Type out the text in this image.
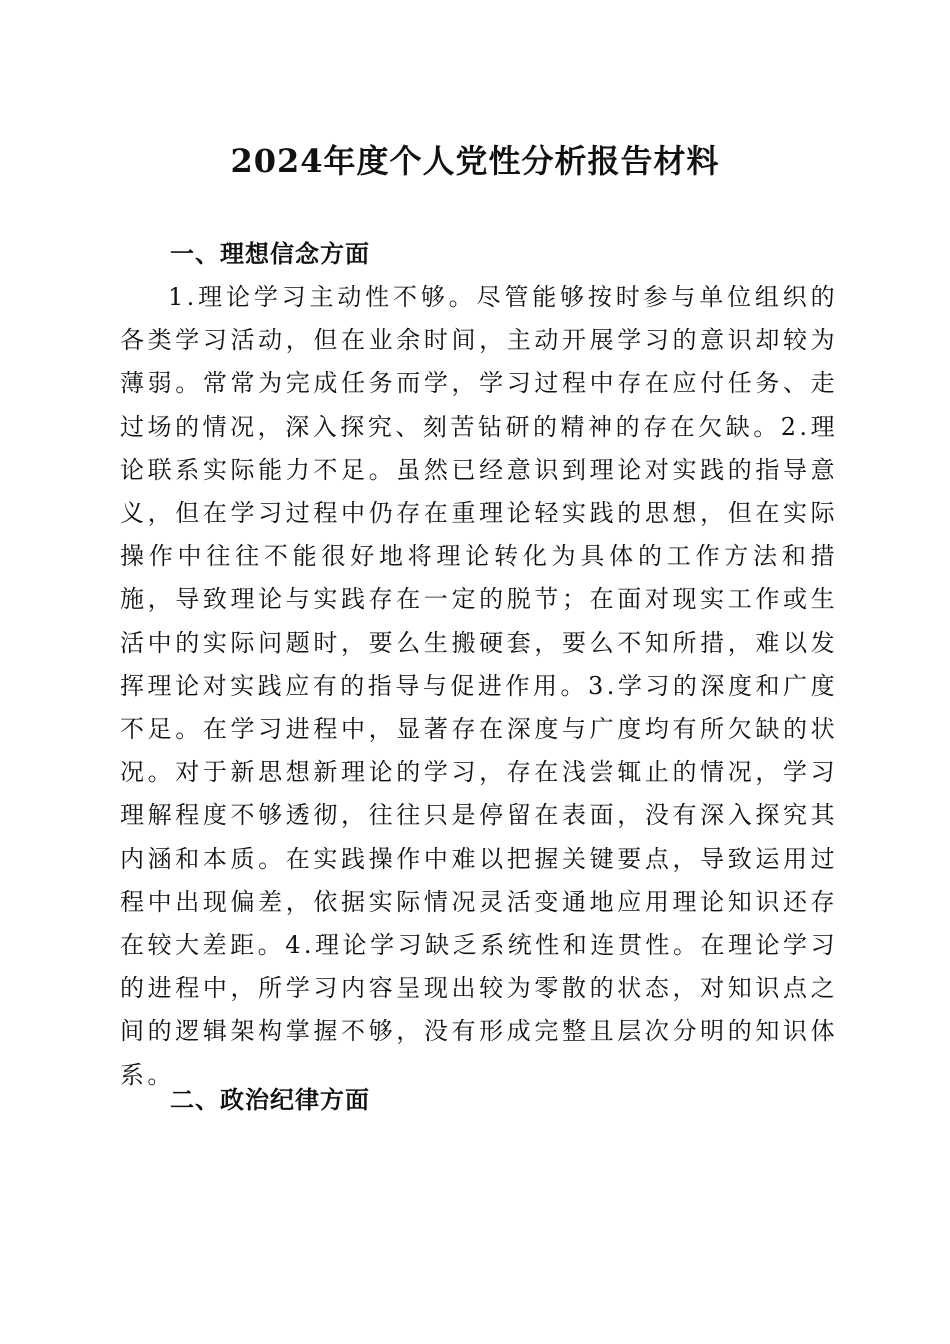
2024年度个人党性分析报告材料
一、理想信念方面

1.理论学习主动性不够。尽管能够按时参与单位组织的各类学习活动，但在业余时间，主动开展学习的意识却较为薄弱。常常为完成任务而学，学习过程中存在应付任务、走过场的情况，深入探究、刻苦钻研的精神的存在欠缺。2.理论联系实际能力不足。虽然已经意识到理论对实践的指导意义，但在学习过程中仍存在重理论轻实践的思想，但在实际操作中往往不能很好地将理论转化为具体的工作方法和措施，导致理论与实践存在一定的脱节；在面对现实工作或生活中的实际问题时，要么生搬硬套，要么不知所措，难以发挥理论对实践应有的指导与促进作用。3.学习的深度和广度不足。在学习进程中，显著存在深度与广度均有所欠缺的状况。对于新思想新理论的学习，存在浅尝辄止的情况，学习理解程度不够透彻，往往只是停留在表面，没有深入探究其内涵和本质。在实践操作中难以把握关键要点，导致运用过程中出现偏差，依据实际情况灵活变通地应用理论知识还存在较大差距。4.理论学习缺乏系统性和连贯性。在理论学习的进程中，所学习内容呈现出较为零散的状态，对知识点之间的逻辑架构掌握不够，没有形成完整且层次分明的知识体系。

二、政治纪律方面
